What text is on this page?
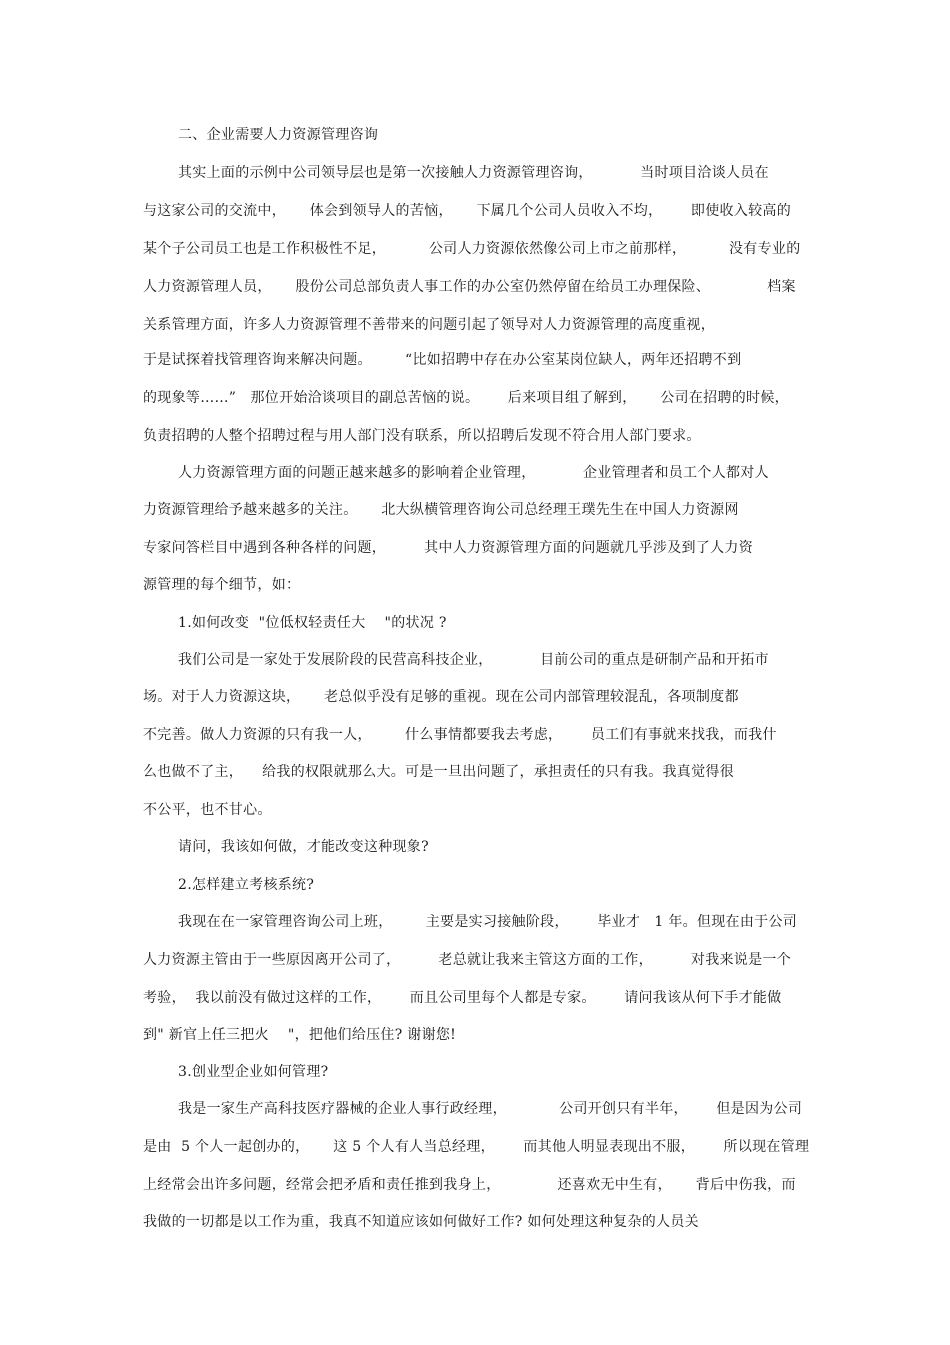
二、企业需要人力资源管理咨询
其实上面的示例中公司领导层也是第一次接触人力资源管理咨询，          当时项目洽谈人员在
与这家公司的交流中，     体会到领导人的苦恼，     下属几个公司人员收入不均，      即使收入较高的
某个子公司员工也是工作积极性不足，         公司人力资源依然像公司上市之前那样，         没有专业的
人力资源管理人员，     股份公司总部负责人事工作的办公室仍然停留在给员工办理保险、            档案
关系管理方面，许多人力资源管理不善带来的问题引起了领导对人力资源管理的高度重视，
于是试探着找管理咨询来解决问题。       “比如招聘中存在办公室某岗位缺人，两年还招聘不到
的现象等……”   那位开始洽谈项目的副总苦恼的说。      后来项目组了解到，     公司在招聘的时候，
负责招聘的人整个招聘过程与用人部门没有联系，所以招聘后发现不符合用人部门要求。
人力资源管理方面的问题正越来越多的影响着企业管理，          企业管理者和员工个人都对人
力资源管理给予越来越多的关注。     北大纵横管理咨询公司总经理王璞先生在中国人力资源网
专家问答栏目中遇到各种各样的问题，        其中人力资源管理方面的问题就几乎涉及到了人力资
源管理的每个细节，如：
1.如何改变  "位低权轻责任大    "的状况 ?
我们公司是一家处于发展阶段的民营高科技企业，          目前公司的重点是研制产品和开拓市
场。对于人力资源这块，     老总似乎没有足够的重视。现在公司内部管理较混乱，各项制度都
不完善。做人力资源的只有我一人，       什么事情都要我去考虑，      员工们有事就来找我，而我什
么也做不了主，    给我的权限就那么大。可是一旦出问题了，承担责任的只有我。我真觉得很
不公平，也不甘心。
请问，我该如何做，才能改变这种现象?
2.怎样建立考核系统?
我现在在一家管理咨询公司上班，       主要是实习接触阶段，      毕业才   1 年。但现在由于公司
人力资源主管由于一些原因离开公司了，        老总就让我来主管这方面的工作，        对我来说是一个
考验，  我以前没有做过这样的工作，      而且公司里每个人都是专家。      请问我该从何下手才能做
到" 新官上任三把火    "，把他们给压住? 谢谢您!
3.创业型企业如何管理?
我是一家生产高科技医疗器械的企业人事行政经理，           公司开创只有半年，      但是因为公司
是由  5 个人一起创办的，     这 5 个人有人当总经理，      而其他人明显表现出不服，      所以现在管理
上经常会出许多问题，经常会把矛盾和责任推到我身上，            还喜欢无中生有，     背后中伤我，而
我做的一切都是以工作为重，我真不知道应该如何做好工作? 如何处理这种复杂的人员关
